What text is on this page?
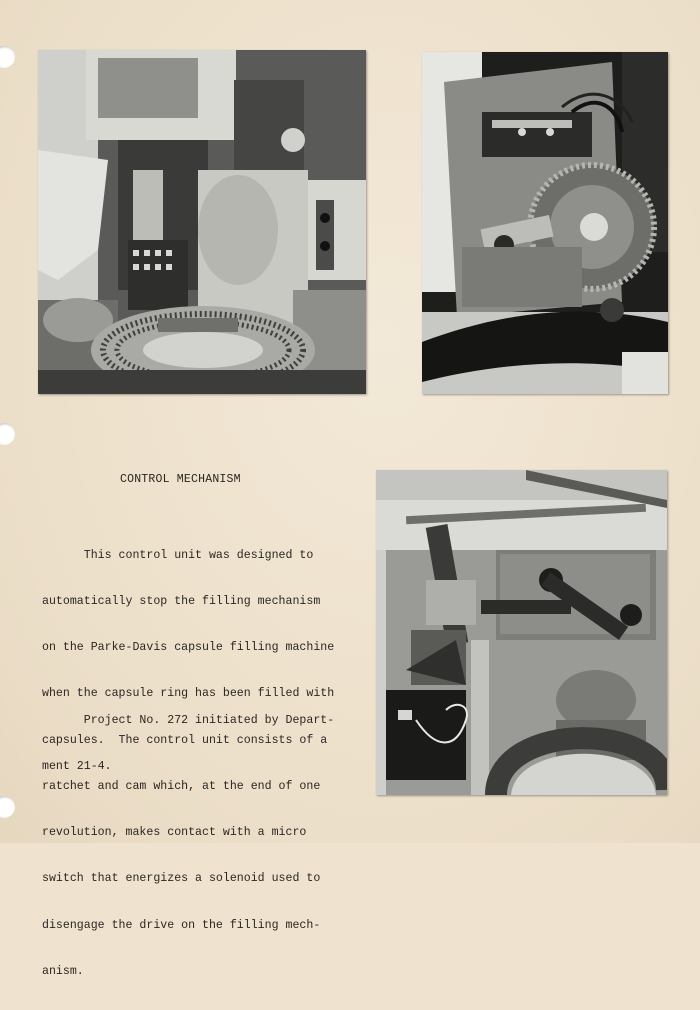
CONTROL MECHANISM

This control unit was designed to

automatically stop the filling mechanism

on the Parke-Davis capsule filling machine

when the capsule ring has been filled with

capsules.  The control unit consists of a

ratchet and cam which, at the end of one

revolution, makes contact with a micro

switch that energizes a solenoid used to

disengage the drive on the filling mech-

anism.

Project No. 272 initiated by Depart-

ment 21-4.
